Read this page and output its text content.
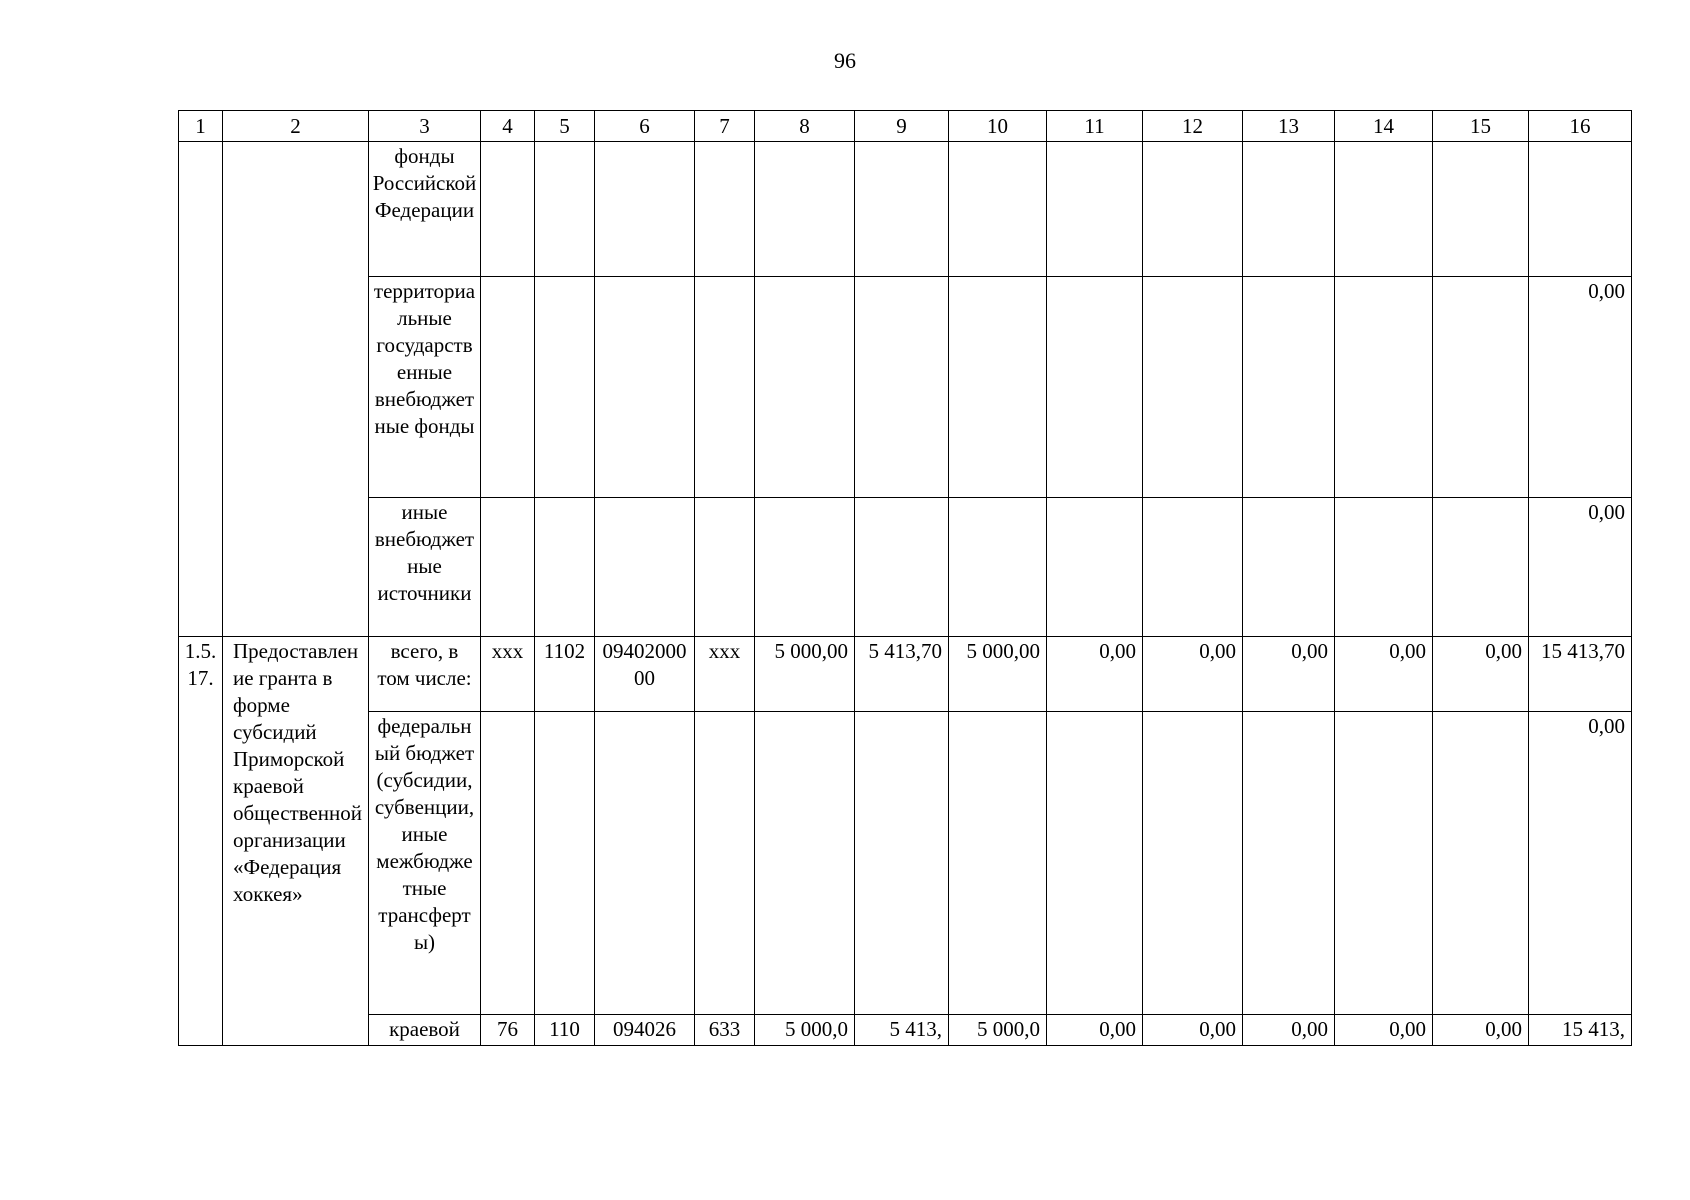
96
1	2	3	4	5	6	7	8	9	10	11	12	13	14	15	16
		фонды Российской Федерации													
		территориальные государственные внебюджетные фонды													0,00
		иные внебюджетные источники													0,00
1.5.17.	Предоставление гранта в форме субсидий Приморской краевой общественной организации «Федерация хоккея»	всего, в том числе:	ххх	1102	0940200000	ххх	5 000,00	5 413,70	5 000,00	0,00	0,00	0,00	0,00	0,00	15 413,70
		федеральный бюджет (субсидии, субвенции, иные межбюджетные трансферты)													0,00
		краевой	76	110	094026	633	5 000,0	5 413,	5 000,0	0,00	0,00	0,00	0,00	0,00	15 413,
